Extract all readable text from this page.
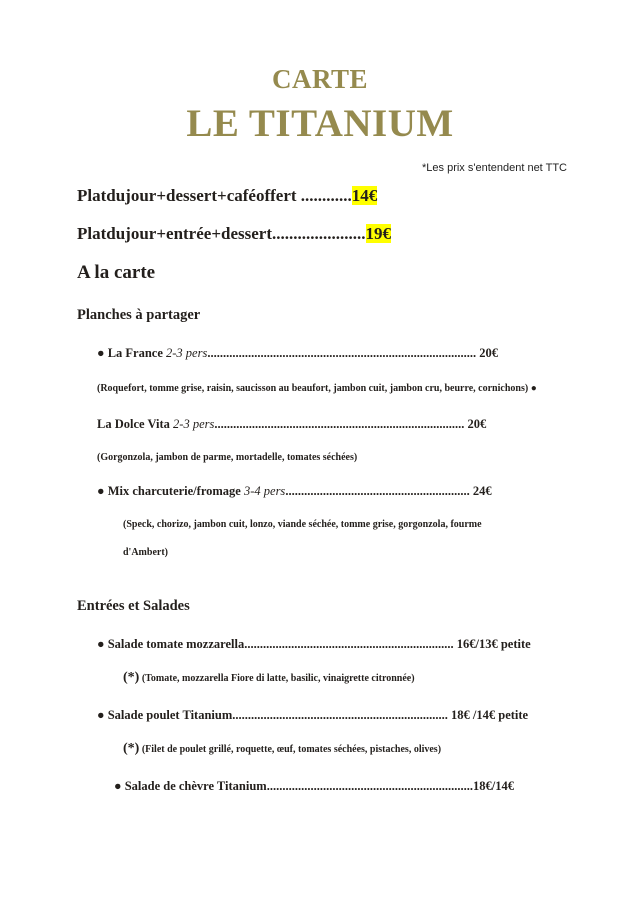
CARTE
LE TITANIUM
*Les prix s'entendent net TTC
Platdujour+dessert+caféoffert ............14€
Platdujour+entrée+dessert......................19€
A la carte
Planches à partager
● La France 2-3 pers...................................................................................... 20€
(Roquefort, tomme grise, raisin, saucisson au beaufort, jambon cuit, jambon cru, beurre, cornichons) ●
La Dolce Vita 2-3 pers................................................................................ 20€
(Gorgonzola, jambon de parme, mortadelle, tomates séchées)
● Mix charcuterie/fromage 3-4 pers........................................................... 24€
(Speck, chorizo, jambon cuit, lonzo, viande séchée, tomme grise, gorgonzola, fourme
d'Ambert)
Entrées et Salades
● Salade tomate mozzarella................................................................... 16€/13€ petite
(*) (Tomate, mozzarella Fiore di latte, basilic, vinaigrette citronnée)
● Salade poulet Titanium..................................................................... 18€ /14€ petite
(*) (Filet de poulet grillé, roquette, œuf, tomates séchées, pistaches, olives)
● Salade de chèvre Titanium..................................................................18€/14€
